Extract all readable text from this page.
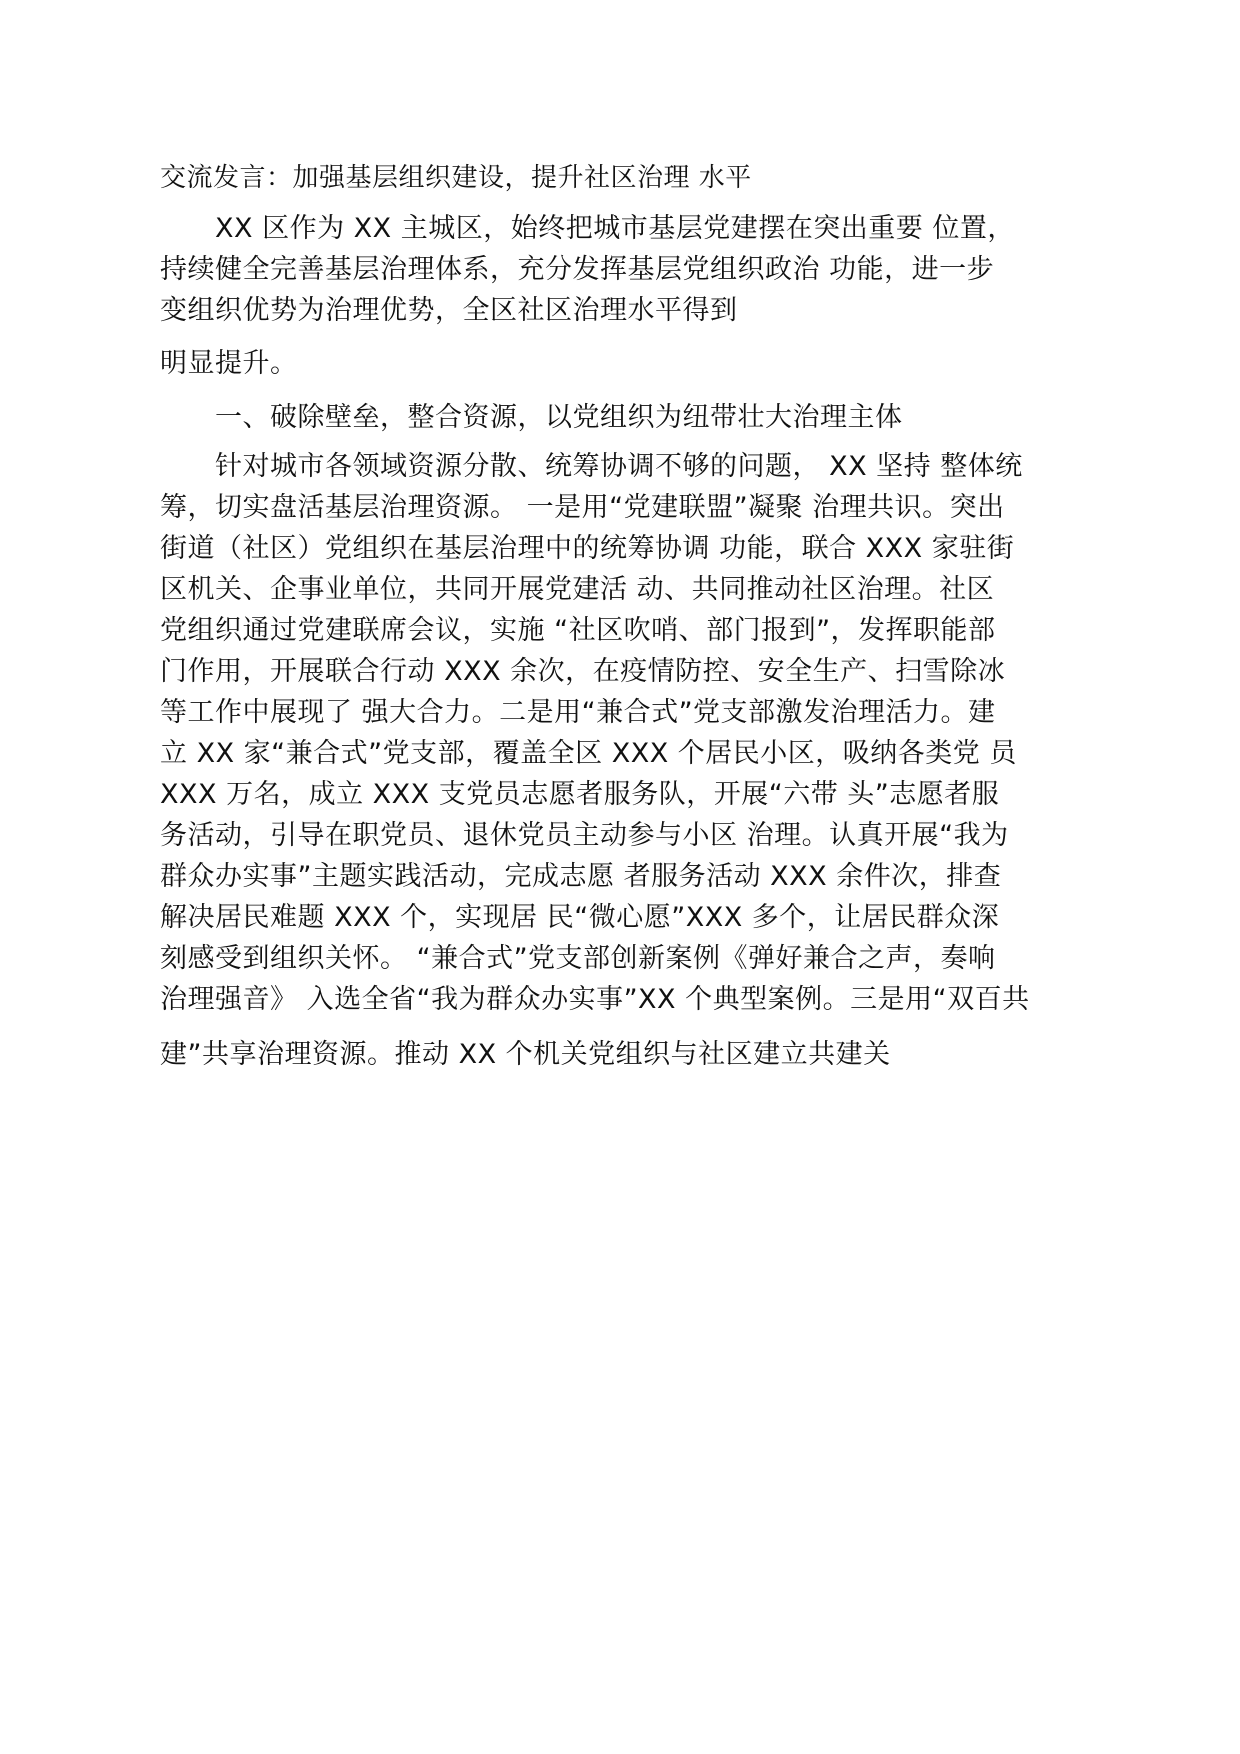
交流发言：加强基层组织建设，提升社区治理 水平
XX 区作为 XX 主城区，始终把城市基层党建摆在突出重要 位置，
持续健全完善基层治理体系，充分发挥基层党组织政治 功能，进一步
变组织优势为治理优势，全区社区治理水平得到
明显提升。
一、破除壁垒，整合资源，以党组织为纽带壮大治理主体
针对城市各领域资源分散、统筹协调不够的问题， XX 坚持 整体统
筹，切实盘活基层治理资源。 一是用“党建联盟”凝聚 治理共识。突出
街道（社区）党组织在基层治理中的统筹协调 功能，联合 XXX 家驻街
区机关、企事业单位，共同开展党建活 动、共同推动社区治理。社区
党组织通过党建联席会议，实施 “社区吹哨、部门报到”，发挥职能部
门作用，开展联合行动 XXX 余次，在疫情防控、安全生产、扫雪除冰
等工作中展现了 强大合力。二是用“兼合式”党支部激发治理活力。建
立 XX 家“兼合式”党支部，覆盖全区 XXX 个居民小区，吸纳各类党 员
XXX 万名，成立 XXX 支党员志愿者服务队，开展“六带 头”志愿者服
务活动，引导在职党员、退休党员主动参与小区 治理。认真开展“我为
群众办实事”主题实践活动，完成志愿 者服务活动 XXX 余件次，排查
解决居民难题 XXX 个，实现居 民“微心愿”XXX 多个，让居民群众深
刻感受到组织关怀。 “兼合式”党支部创新案例《弹好兼合之声，奏响
治理强音》 入选全省“我为群众办实事”XX 个典型案例。三是用“双百共
建”共享治理资源。推动 XX 个机关党组织与社区建立共建关
